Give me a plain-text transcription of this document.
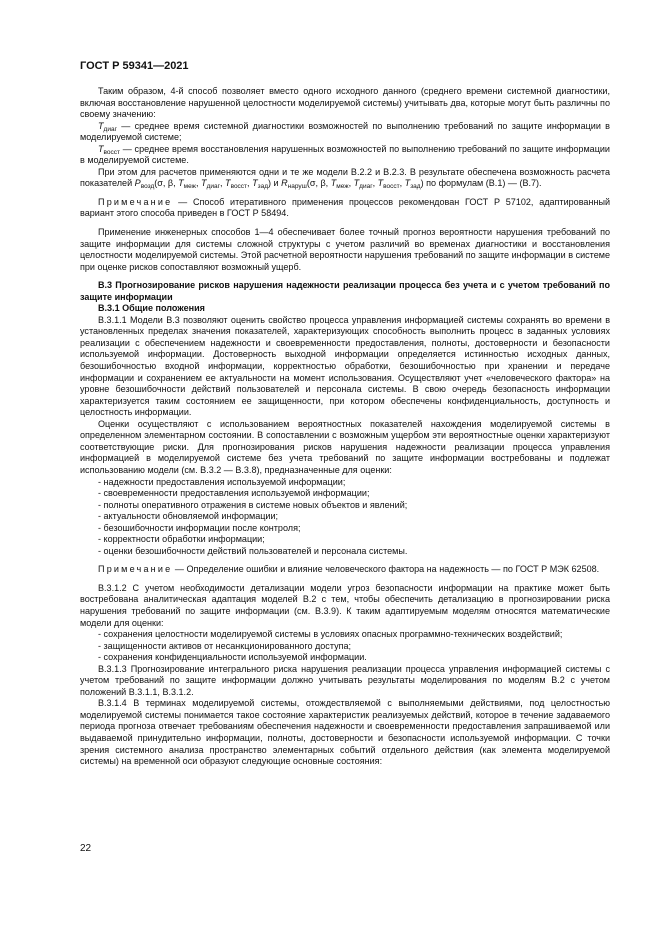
ГОСТ Р 59341—2021

Таким образом, 4-й способ позволяет вместо одного исходного данного (среднего времени системной диагностики, включая восстановление нарушенной целостности моделируемой системы) учитывать два, которые могут быть различны по своему значению:

$T_{диаг}$ — среднее время системной диагностики возможностей по выполнению требований по защите информации в моделируемой системе;

$T_{восст}$ — среднее время восстановления нарушенных возможностей по выполнению требований по защите информации в моделируемой системе.

При этом для расчетов применяются одни и те же модели В.2.2 и В.2.3. В результате обеспечена возможность расчета показателей $P_{возд}(\sigma$, β, $T_{меж}$, $T_{диаг}$, $T_{восст}$, $T_{зад}$) и $R_{наруш}(\sigma$, β, $T_{меж}$, $T_{диаг}$, $T_{восст}$, $T_{зад}$) по формулам (В.1) — (В.7).

Примечание — Способ итеративного применения процессов рекомендован ГОСТ Р 57102, адаптированный вариант этого способа приведен в ГОСТ Р 58494.

Применение инженерных способов 1—4 обеспечивает более точный прогноз вероятности нарушения требований по защите информации для системы сложной структуры с учетом различий во временах диагностики и восстановления целостности моделируемой системы. Этой расчетной вероятности нарушения требований по защите информации в системе при оценке рисков сопоставляют возможный ущерб.

В.3 Прогнозирование рисков нарушения надежности реализации процесса без учета и с учетом требований по защите информации

В.3.1 Общие положения

В.3.1.1 Модели В.3 позволяют оценить свойство процесса управления информацией системы сохранять во времени в установленных пределах значения показателей, характеризующих способность выполнить процесс в заданных условиях реализации с обеспечением надежности и своевременности предоставления, полноты, достоверности и безопасности используемой информации. Достоверность выходной информации определяется истинностью исходных данных, безошибочностью входной информации, корректностью обработки, безошибочностью при хранении и передаче информации и сохранением ее актуальности на момент использования. Осуществляют учет «человеческого фактора» на уровне безошибочности действий пользователей и персонала системы. В свою очередь безопасность информации характеризуется таким состоянием ее защищенности, при котором обеспечены конфиденциальность, доступность и целостность информации.

Оценки осуществляют с использованием вероятностных показателей нахождения моделируемой системы в определенном элементарном состоянии. В сопоставлении с возможным ущербом эти вероятностные оценки характеризуют соответствующие риски. Для прогнозирования рисков нарушения надежности реализации процесса управления информацией в моделируемой системе без учета требований по защите информации востребованы и подлежат использованию модели (см. В.3.2 — В.3.8), предназначенные для оценки:

- надежности предоставления используемой информации;

- своевременности предоставления используемой информации;

- полноты оперативного отражения в системе новых объектов и явлений;

- актуальности обновляемой информации;

- безошибочности информации после контроля;

- корректности обработки информации;

- оценки безошибочности действий пользователей и персонала системы.

Примечание — Определение ошибки и влияние человеческого фактора на надежность — по ГОСТ Р МЭК 62508.

В.3.1.2 С учетом необходимости детализации модели угроз безопасности информации на практике может быть востребована аналитическая адаптация моделей В.2 с тем, чтобы обеспечить детализацию в прогнозировании риска нарушения требований по защите информации (см. В.3.9). К таким адаптируемым моделям относятся математические модели для оценки:

- сохранения целостности моделируемой системы в условиях опасных программно-технических воздействий;

- защищенности активов от несанкционированного доступа;

- сохранения конфиденциальности используемой информации.

В.3.1.3 Прогнозирование интегрального риска нарушения реализации процесса управления информацией системы с учетом требований по защите информации должно учитывать результаты моделирования по моделям В.2 с учетом положений В.3.1.1, В.3.1.2.

В.3.1.4 В терминах моделируемой системы, отождествляемой с выполняемыми действиями, под целостностью моделируемой системы понимается такое состояние характеристик реализуемых действий, которое в течение задаваемого периода прогноза отвечает требованиям обеспечения надежности и своевременности предоставления запрашиваемой или выдаваемой принудительно информации, полноты, достоверности и безопасности используемой информации. С точки зрения системного анализа пространство элементарных событий отдельного действия (как элемента моделируемой системы) на временной оси образуют следующие основные состояния:

22
